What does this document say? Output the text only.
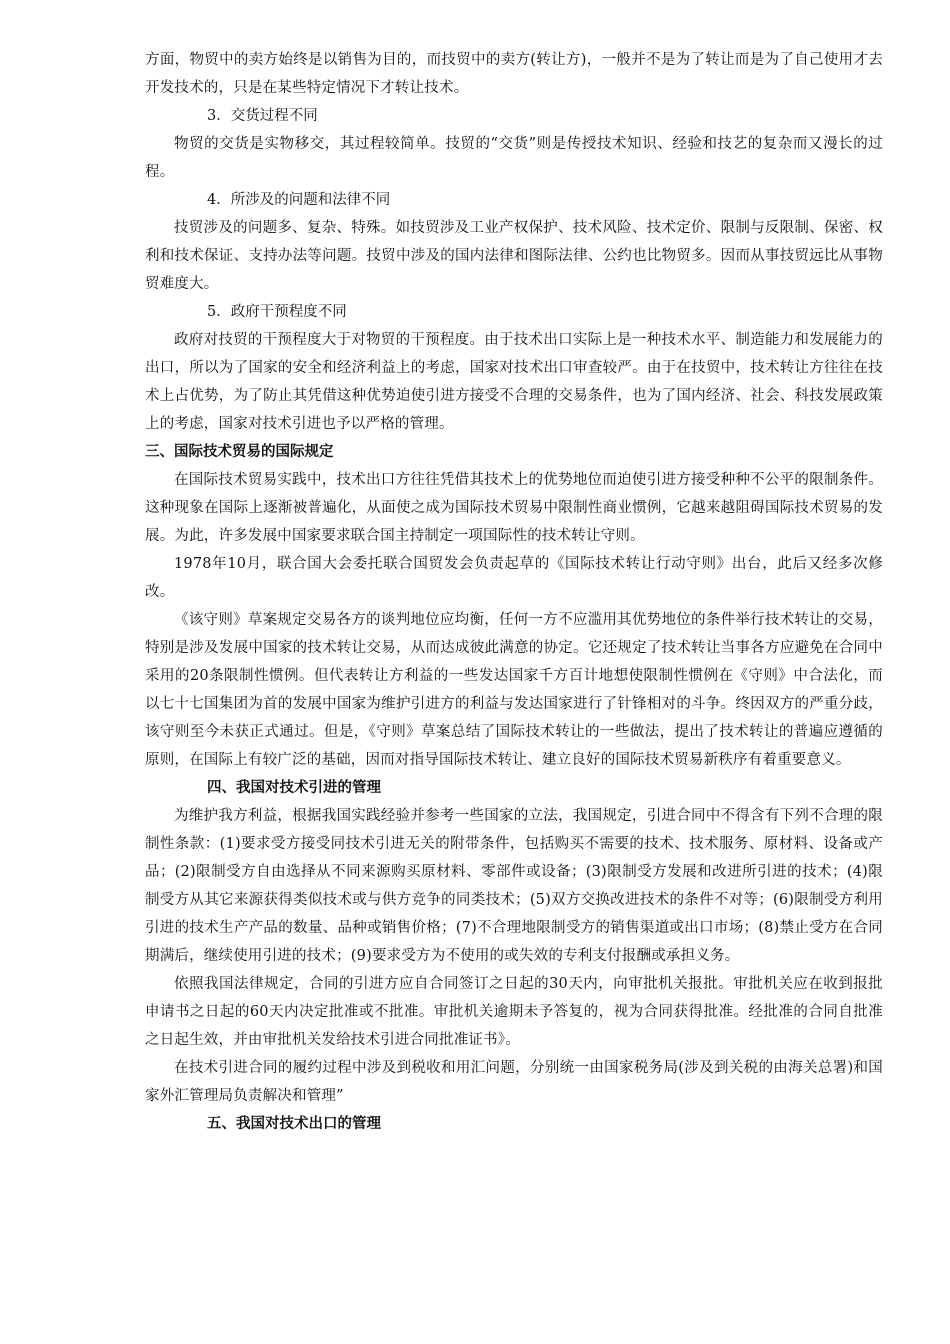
方面，物贸中的卖方始终是以销售为目的，而技贸中的卖方(转让方)，一般并不是为了转让而是为了自己使用才去开发技术的，只是在某些特定情况下才转让技术。

3．交货过程不同

物贸的交货是实物移交，其过程较简单。技贸的“交货”则是传授技术知识、经验和技艺的复杂而又漫长的过程。

4．所涉及的问题和法律不同

技贸涉及的问题多、复杂、特殊。如技贸涉及工业产权保护、技术风险、技术定价、限制与反限制、保密、权利和技术保证、支持办法等问题。技贸中涉及的国内法律和图际法律、公约也比物贸多。因而从事技贸远比从事物贸难度大。

5．政府干预程度不同

政府对技贸的干预程度大于对物贸的干预程度。由于技术出口实际上是一种技术水平、制造能力和发展能力的出口，所以为了国家的安全和经济利益上的考虑，国家对技术出口审查较严。由于在技贸中，技术转让方往往在技术上占优势，为了防止其凭借这种优势迫使引进方接受不合理的交易条件，也为了国内经济、社会、科技发展政策上的考虑，国家对技术引进也予以严格的管理。

三、国际技术贸易的国际规定

在国际技术贸易实践中，技术出口方往往凭借其技术上的优势地位而迫使引进方接受种种不公平的限制条件。这种现象在国际上逐渐被普遍化，从面使之成为国际技术贸易中限制性商业惯例，它越来越阻碍国际技术贸易的发展。为此，许多发展中国家要求联合国主持制定一项国际性的技术转让守则。

1978年10月，联合国大会委托联合国贸发会负责起草的《国际技术转让行动守则》出台，此后又经多次修改。

《该守则》草案规定交易各方的谈判地位应均衡，任何一方不应滥用其优势地位的条件举行技术转让的交易，特别是涉及发展中国家的技术转让交易，从而达成彼此满意的协定。它还规定了技术转让当事各方应避免在合同中采用的20条限制性惯例。但代表转让方利益的一些发达国家千方百计地想使限制性惯例在《守则》中合法化，而以七十七国集团为首的发展中国家为维护引进方的利益与发达国家进行了针锋相对的斗争。终因双方的严重分歧，该守则至今未获正式通过。但是，《守则》草案总结了国际技术转让的一些做法，提出了技术转让的普遍应遵循的原则，在国际上有较广泛的基础，因而对指导国际技术转让、建立良好的国际技术贸易新秩序有着重要意义。

四、我国对技术引进的管理

为维护我方利益，根据我国实践经验并参考一些国家的立法，我国规定，引进合同中不得含有下列不合理的限制性条款：(1)要求受方接受同技术引进无关的附带条件，包括购买不需要的技术、技术服务、原材料、设备或产品；(2)限制受方自由选择从不同来源购买原材料、零部件或设备；(3)限制受方发展和改进所引进的技术；(4)限制受方从其它来源获得类似技术或与供方竞争的同类技术；(5)双方交换改进技术的条件不对等；(6)限制受方利用引进的技术生产产品的数量、品种或销售价格；(7)不合理地限制受方的销售渠道或出口市场；(8)禁止受方在合同期满后，继续使用引进的技术；(9)要求受方为不使用的或失效的专利支付报酬或承担义务。

依照我国法律规定，合同的引进方应自合同签订之日起的30天内，向审批机关报批。审批机关应在收到报批申请书之日起的60天内决定批准或不批准。审批机关逾期未予答复的，视为合同获得批准。经批准的合同自批准之日起生效，并由审批机关发给技术引进合同批准证书》。

在技术引进合同的履约过程中涉及到税收和用汇问题，分别统一由国家税务局(涉及到关税的由海关总署)和国家外汇管理局负责解决和管理”

五、我国对技术出口的管理
